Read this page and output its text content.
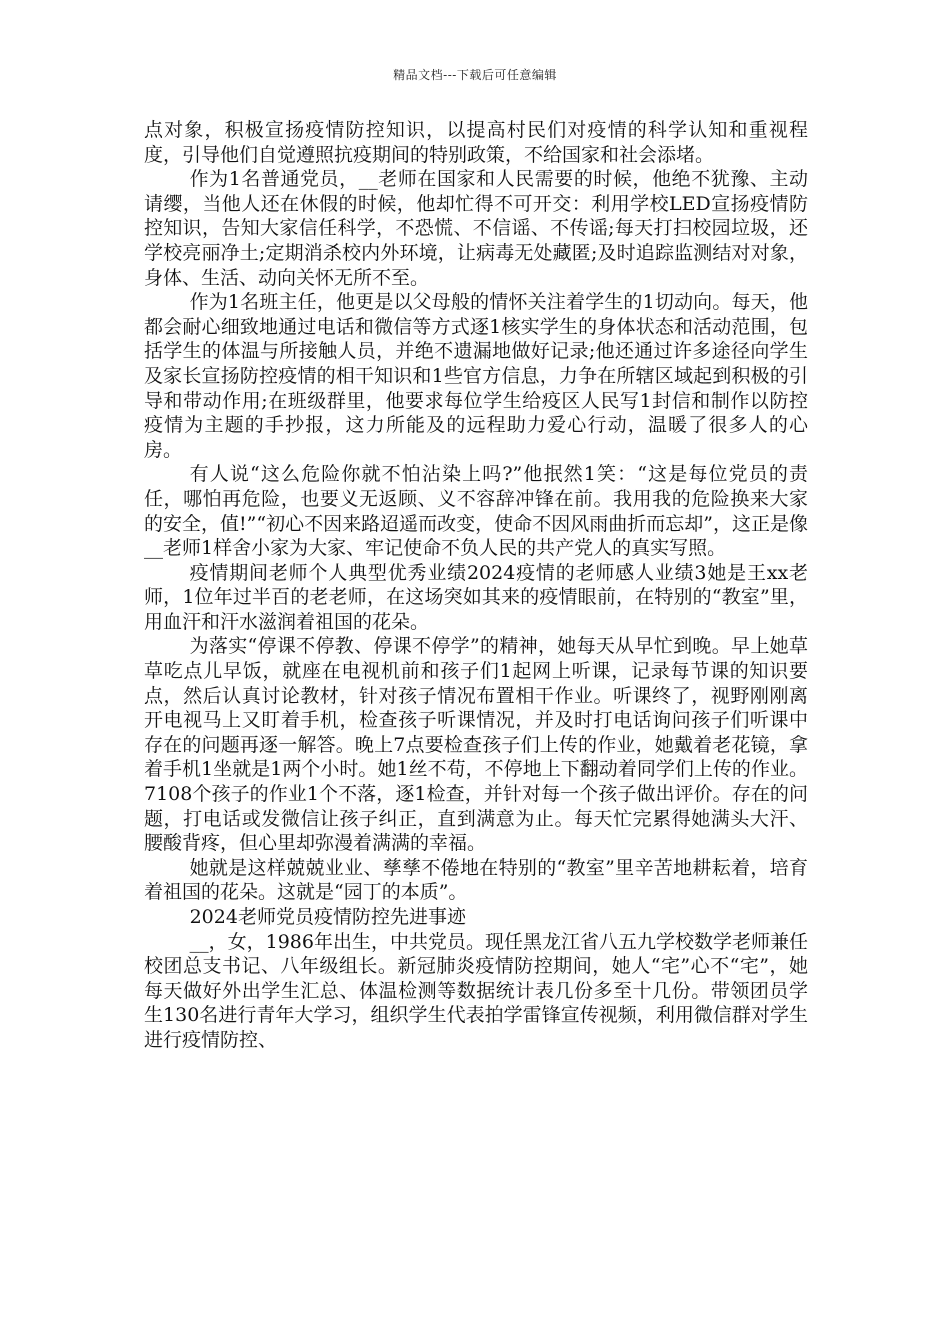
精品文档---下载后可任意编辑

点对象，积极宣扬疫情防控知识，以提高村民们对疫情的科学认知和重视程度，引导他们自觉遵照抗疫期间的特别政策，不给国家和社会添堵。

作为1名普通党员，__老师在国家和人民需要的时候，他绝不犹豫、主动请缨，当他人还在休假的时候，他却忙得不可开交：利用学校LED宣扬疫情防控知识，告知大家信任科学，不恐慌、不信谣、不传谣;每天打扫校园垃圾，还学校亮丽净土;定期消杀校内外环境，让病毒无处藏匿;及时追踪监测结对对象，身体、生活、动向关怀无所不至。

作为1名班主任，他更是以父母般的情怀关注着学生的1切动向。每天，他都会耐心细致地通过电话和微信等方式逐1核实学生的身体状态和活动范围，包括学生的体温与所接触人员，并绝不遗漏地做好记录;他还通过许多途径向学生及家长宣扬防控疫情的相干知识和1些官方信息，力争在所辖区域起到积极的引导和带动作用;在班级群里，他要求每位学生给疫区人民写1封信和制作以防控疫情为主题的手抄报，这力所能及的远程助力爱心行动，温暖了很多人的心房。

有人说“这么危险你就不怕沾染上吗?”他抿然1笑：“这是每位党员的责任，哪怕再危险，也要义无返顾、义不容辞冲锋在前。我用我的危险换来大家的安全，值!”“初心不因来路迢遥而改变，使命不因风雨曲折而忘却”，这正是像__老师1样舍小家为大家、牢记使命不负人民的共产党人的真实写照。

疫情期间老师个人典型优秀业绩2024疫情的老师感人业绩3她是王xx老师，1位年过半百的老老师，在这场突如其来的疫情眼前，在特别的“教室”里，用血汗和汗水滋润着祖国的花朵。

为落实“停课不停教、停课不停学”的精神，她每天从早忙到晚。早上她草草吃点儿早饭，就座在电视机前和孩子们1起网上听课，记录每节课的知识要点，然后认真讨论教材，针对孩子情况布置相干作业。听课终了，视野刚刚离开电视马上又盯着手机，检查孩子听课情况，并及时打电话询问孩子们听课中存在的问题再逐一解答。晚上7点要检查孩子们上传的作业，她戴着老花镜，拿着手机1坐就是1两个小时。她1丝不苟，不停地上下翻动着同学们上传的作业。7108个孩子的作业1个不落，逐1检查，并针对每一个孩子做出评价。存在的问题，打电话或发微信让孩子纠正，直到满意为止。每天忙完累得她满头大汗、腰酸背疼，但心里却弥漫着满满的幸福。

她就是这样兢兢业业、孳孳不倦地在特别的“教室”里辛苦地耕耘着，培育着祖国的花朵。这就是“园丁的本质”。

2024老师党员疫情防控先进事迹

__，女，1986年出生，中共党员。现任黑龙江省八五九学校数学老师兼任校团总支书记、八年级组长。新冠肺炎疫情防控期间，她人“宅”心不“宅”，她每天做好外出学生汇总、体温检测等数据统计表几份多至十几份。带领团员学生130名进行青年大学习，组织学生代表拍学雷锋宣传视频，利用微信群对学生进行疫情防控、
